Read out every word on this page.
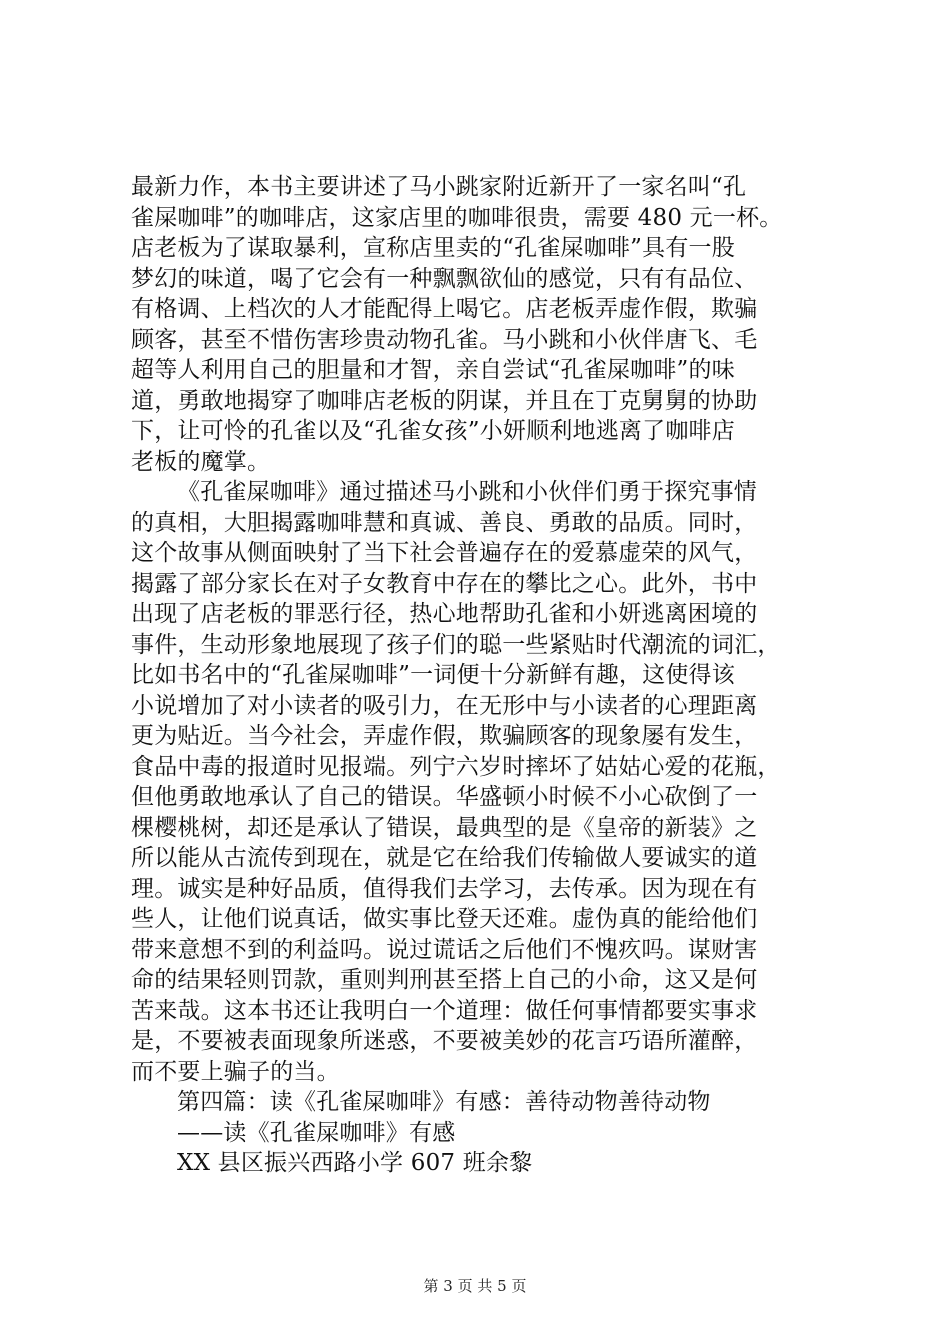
最新力作，本书主要讲述了马小跳家附近新开了一家名叫“孔
雀屎咖啡”的咖啡店，这家店里的咖啡很贵，需要 480 元一杯。
店老板为了谋取暴利，宣称店里卖的“孔雀屎咖啡”具有一股
梦幻的味道，喝了它会有一种飘飘欲仙的感觉，只有有品位、
有格调、上档次的人才能配得上喝它。店老板弄虚作假，欺骗
顾客，甚至不惜伤害珍贵动物孔雀。马小跳和小伙伴唐飞、毛
超等人利用自己的胆量和才智，亲自尝试“孔雀屎咖啡”的味
道，勇敢地揭穿了咖啡店老板的阴谋，并且在丁克舅舅的协助
下，让可怜的孔雀以及“孔雀女孩”小妍顺利地逃离了咖啡店
老板的魔掌。
《孔雀屎咖啡》通过描述马小跳和小伙伴们勇于探究事情
的真相，大胆揭露咖啡慧和真诚、善良、勇敢的品质。同时，
这个故事从侧面映射了当下社会普遍存在的爱慕虚荣的风气，
揭露了部分家长在对子女教育中存在的攀比之心。此外，书中
出现了店老板的罪恶行径，热心地帮助孔雀和小妍逃离困境的
事件，生动形象地展现了孩子们的聪一些紧贴时代潮流的词汇，
比如书名中的“孔雀屎咖啡”一词便十分新鲜有趣，这使得该
小说增加了对小读者的吸引力，在无形中与小读者的心理距离
更为贴近。当今社会，弄虚作假，欺骗顾客的现象屡有发生，
食品中毒的报道时见报端。列宁六岁时摔坏了姑姑心爱的花瓶，
但他勇敢地承认了自己的错误。华盛顿小时候不小心砍倒了一
棵樱桃树，却还是承认了错误，最典型的是《皇帝的新装》之
所以能从古流传到现在，就是它在给我们传输做人要诚实的道
理。诚实是种好品质，值得我们去学习，去传承。因为现在有
些人，让他们说真话，做实事比登天还难。虚伪真的能给他们
带来意想不到的利益吗。说过谎话之后他们不愧疚吗。谋财害
命的结果轻则罚款，重则判刑甚至搭上自己的小命，这又是何
苦来哉。这本书还让我明白一个道理：做任何事情都要实事求
是，不要被表面现象所迷惑，不要被美妙的花言巧语所灌醉，
而不要上骗子的当。
第四篇：读《孔雀屎咖啡》有感：善待动物善待动物
——读《孔雀屎咖啡》有感
XX 县区振兴西路小学 607 班余黎
第 3 页 共 5 页
